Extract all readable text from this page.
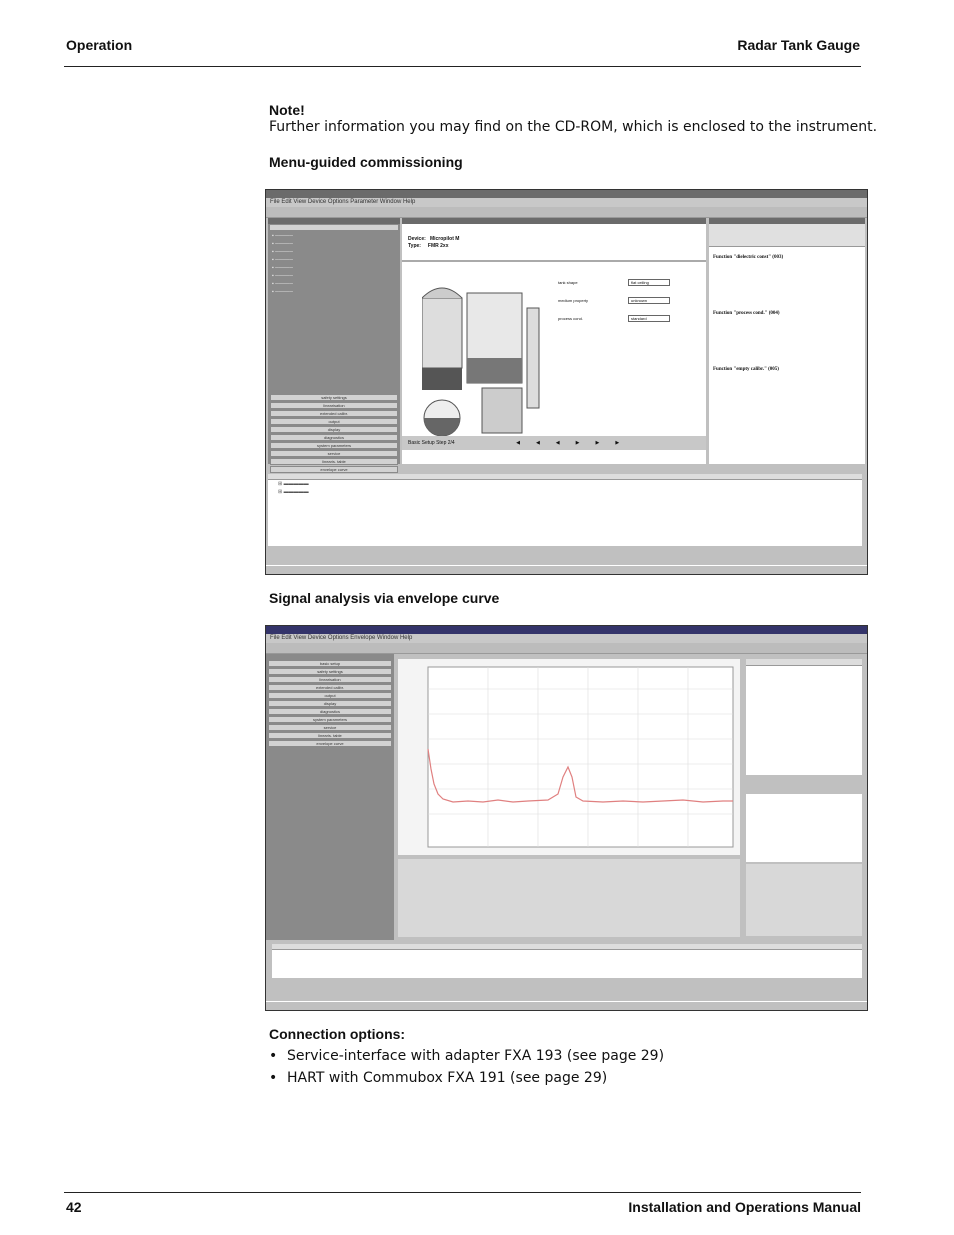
Operation	Radar Tank Gauge
Note!
Further information you may find on the CD-ROM, which is enclosed to the instrument.
Menu-guided commissioning
File Edit View Device Options Parameter Window Help
▪ ─────
▪ ─────
▪ ─────
▪ ─────
▪ ─────
▪ ─────
▪ ─────
▪ ─────
safety settings
linearisation
extended calibr.
output
display
diagnostics
system parameters
service
linearis. table
envelope curve
Device: Micropilot M
Type: FMR 2xx
tank shape	flat ceiling
medium property	unknown
process cond.	standard
Basic Setup Step 2/4	◀◀◀▶▶▶
Function "dielectric const" (003)
Function "process cond." (004)
Function "empty calibr." (005)
⊞ ▬▬▬▬▬
⊞ ▬▬▬▬▬
Signal analysis via envelope curve
File Edit View Device Options Envelope Window Help
basic setup
safety settings
linearisation
extended calibr.
output
display
diagnostics
system parameters
service
linearis. table
envelope curve
Connection options:
• Service-interface with adapter FXA 193 (see page 29)
• HART with Commubox FXA 191 (see page 29)
42	Installation and Operations Manual
